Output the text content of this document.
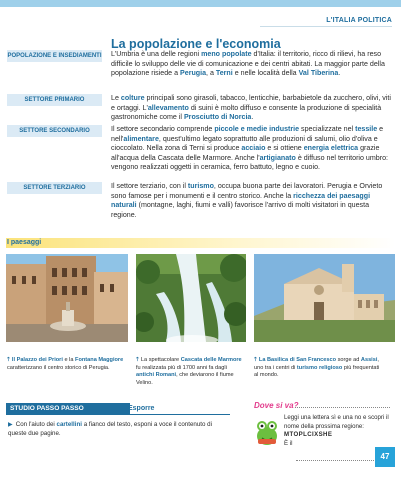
L'ITALIA POLITICA
La popolazione e l'economia
POPOLAZIONE E INSEDIAMENTI L'Umbria è una delle regioni meno popolate d'Italia: il territorio, ricco di rilievi, ha reso difficile lo sviluppo delle vie di comunicazione e dei centri abitati. La maggior parte della popolazione risiede a Perugia, a Terni e nelle località della Val Tiberina.

SETTORE PRIMARIO	Le colture principali sono girasoli, tabacco, lenticchie, barbabietole da zucchero, olivi, viti e ortaggi. L'allevamento di suini è molto diffuso e consente la produzione di specialità gastronomiche come il Prosciutto di Norcia.

SETTORE SECONDARIO	Il settore secondario comprende piccole e medie industrie specializzate nel tessile e nell'alimentare, quest'ultimo legato soprattutto alle produzioni di salumi, olio d'oliva e cioccolato. Nella zona di Terni si produce acciaio e si ottiene energia elettrica grazie all'acqua della Cascata delle Marmore. Anche l'artigianato è diffuso nel territorio umbro: vengono realizzati oggetti in ceramica, ferro battuto, legno e cuoio.

SETTORE TERZIARIO	Il settore terziario, con il turismo, occupa buona parte dei lavoratori. Perugia e Orvieto sono famose per i monumenti e il centro storico. Anche la ricchezza dei paesaggi naturali (montagne, laghi, fiumi e valli) favorisce l'arrivo di molti visitatori in questa regione.

I paesaggi
🡑 Il Palazzo dei Priori e la Fontana Maggiore caratterizzano il centro storico di Perugia.
🡑 La spettacolare Cascata delle Marmore fu realizzata più di 1700 anni fa dagli antichi Romani, che deviarono il fiume Velino.
🡑 La Basilica di San Francesco sorge ad Assisi, uno tra i centri di turismo religioso più frequentati al mondo.
STUDIO PASSO PASSO	Esporre
▶ Con l'aiuto dei cartellini a fianco del testo, esponi a voce il contenuto di queste due pagine.
Dove si va?
Leggi una lettera sì e una no e scopri il nome della prossima regione: MTOPLCIXSHE
È il
47
